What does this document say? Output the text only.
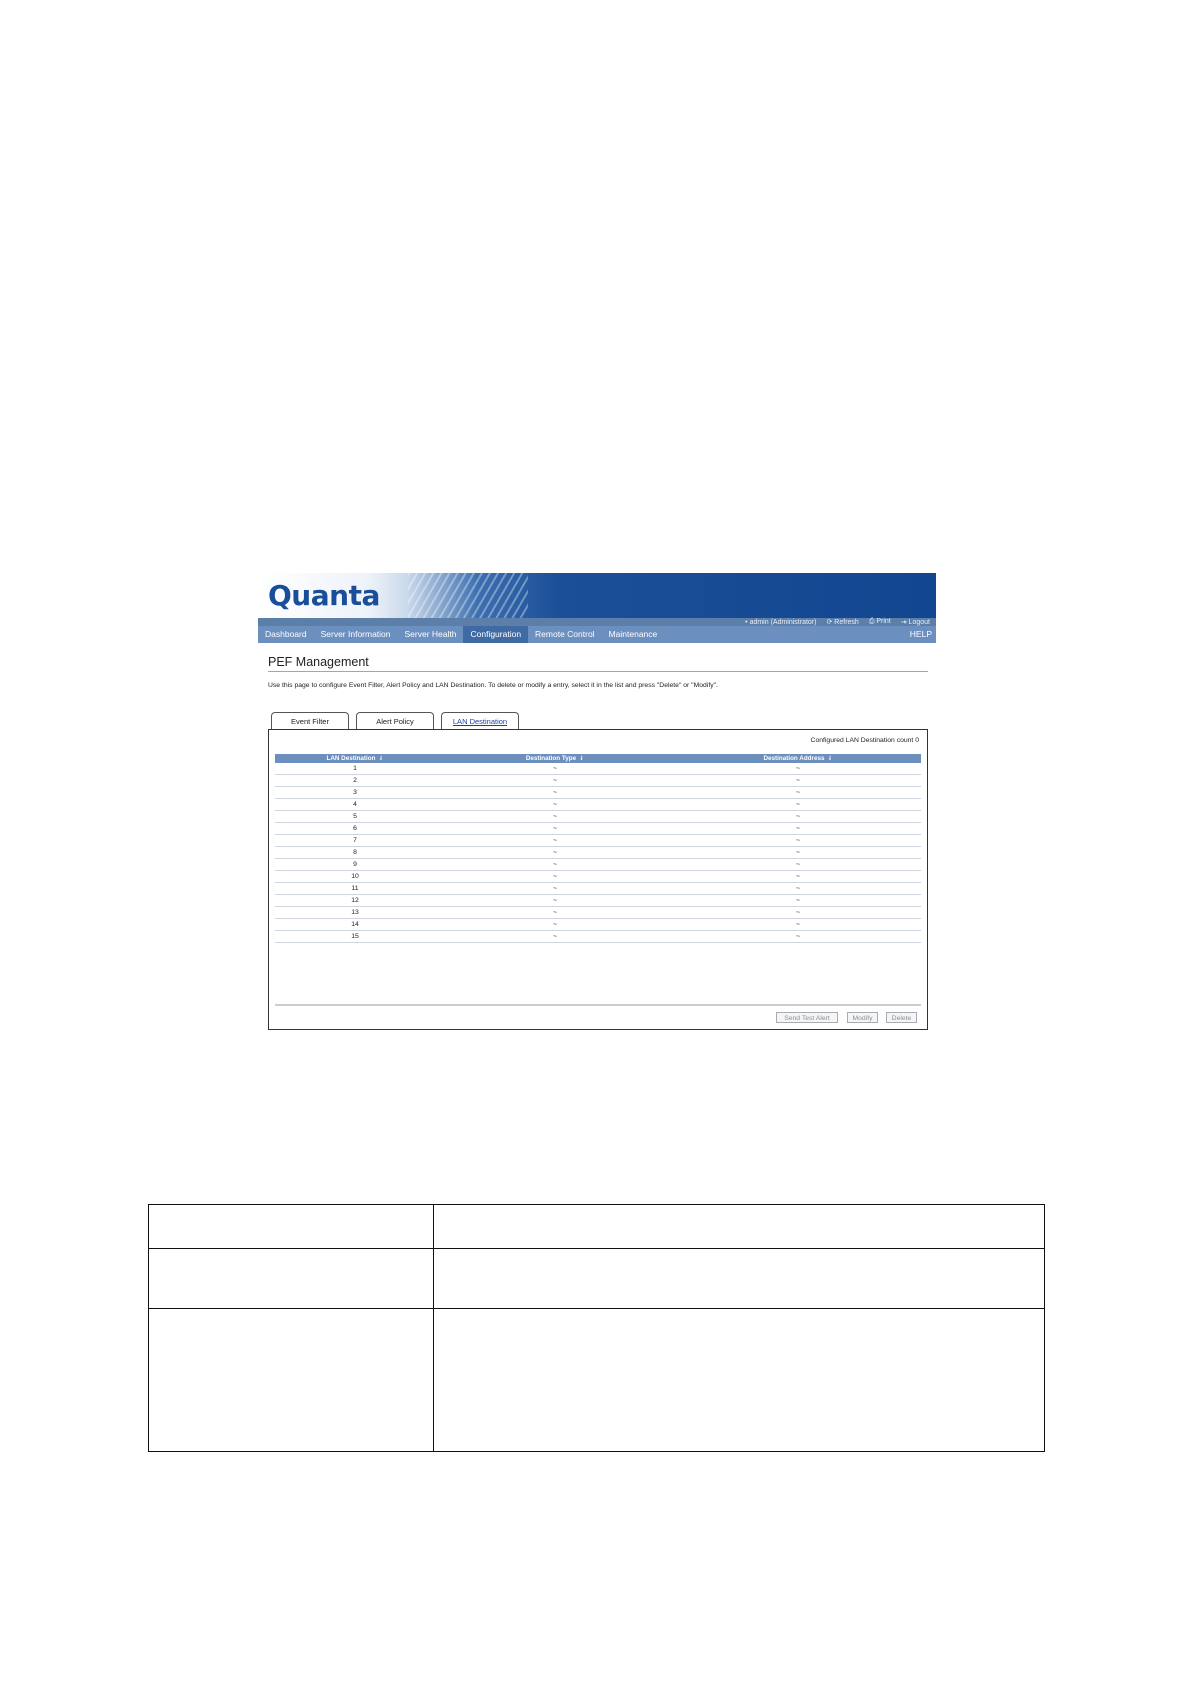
Quanta
• admin (Administrator) ⟳ Refresh ⎙ Print ⇥ Logout
Dashboard	Server Information	Server Health	Configuration	Remote Control	Maintenance	HELP
PEF Management
Use this page to configure Event Filter, Alert Policy and LAN Destination. To delete or modify a entry, select it in the list and press "Delete" or "Modify".
Event Filter	Alert Policy	LAN Destination
Configured LAN Destination count 0
LAN Destination ⇃	Destination Type ⇃	Destination Address ⇃
1	~	~
2	~	~
3	~	~
4	~	~
5	~	~
6	~	~
7	~	~
8	~	~
9	~	~
10	~	~
11	~	~
12	~	~
13	~	~
14	~	~
15	~	~
Send Test Alert	Modify	Delete
